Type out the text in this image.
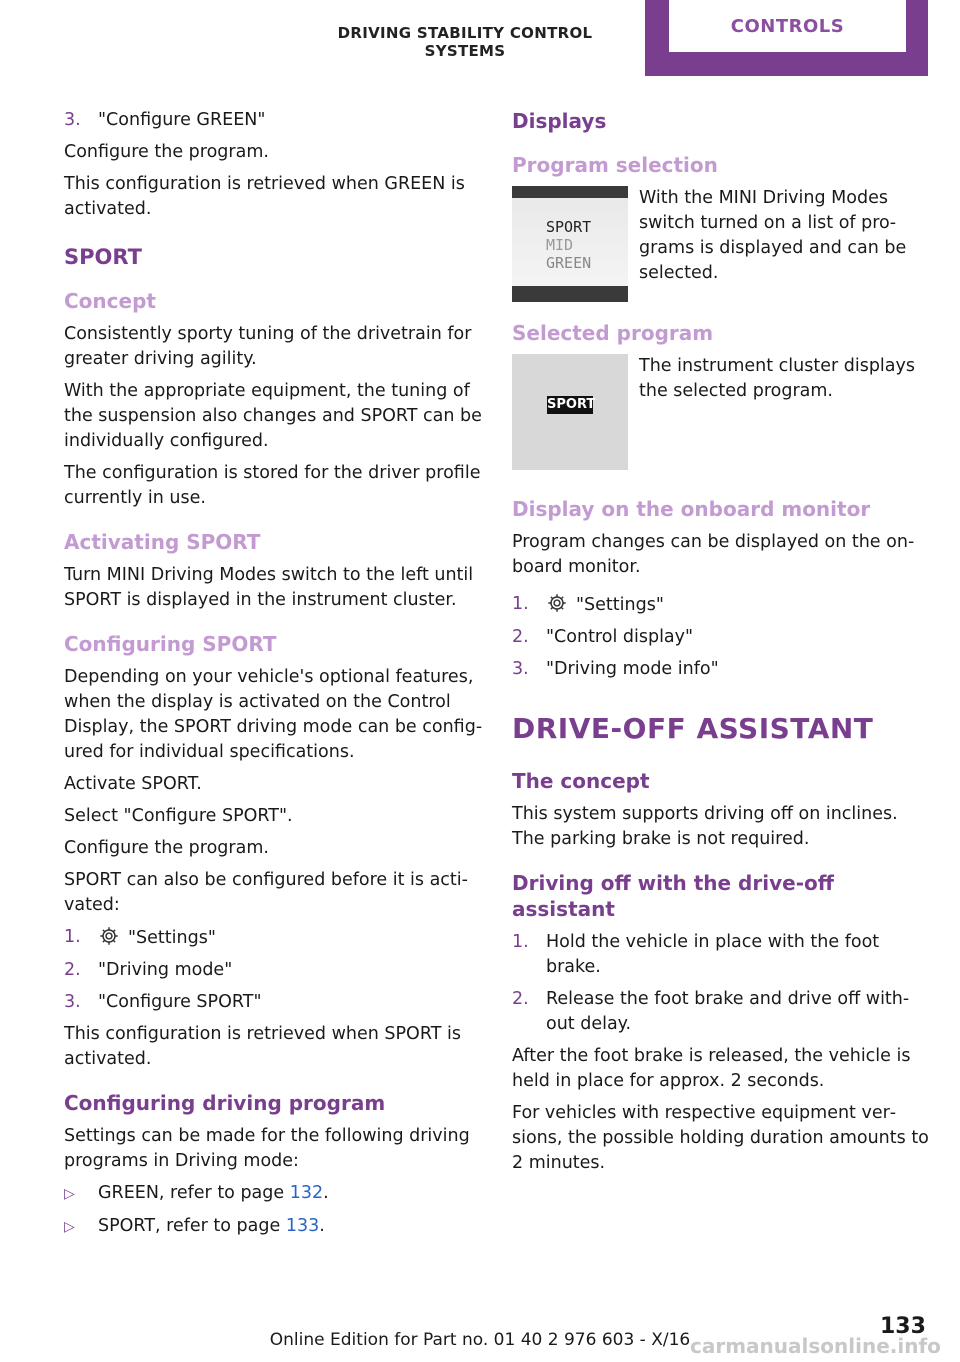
DRIVING STABILITY CONTROL SYSTEMS
CONTROLS
3. "Configure GREEN"

Configure the program.

This configuration is retrieved when GREEN is activated.

SPORT
Concept

Consistently sporty tuning of the drivetrain for greater driving agility.

With the appropriate equipment, the tuning of the suspension also changes and SPORT can be individually configured.

The configuration is stored for the driver profile currently in use.

Activating SPORT

Turn MINI Driving Modes switch to the left until SPORT is displayed in the instrument cluster.

Configuring SPORT

Depending on your vehicle's optional features, when the display is activated on the Control Display, the SPORT driving mode can be config‐ured for individual specifications.

Activate SPORT.

Select "Configure SPORT".

Configure the program.

SPORT can also be configured before it is acti‐vated:

1.	"Settings"
2. "Driving mode"
3. "Configure SPORT"

This configuration is retrieved when SPORT is activated.

Configuring driving program

Settings can be made for the following driving programs in Driving mode:

▷	GREEN, refer to page 132.
▷	SPORT, refer to page 133.
Displays
Program selection
SPORT
MID
GREEN
With the MINI Driving Modes switch turned on a list of pro‐grams is displayed and can be selected.
Selected program
SPORT
The instrument cluster displays the selected program.
Display on the onboard monitor

Program changes can be displayed on the on‐board monitor.

1.	"Settings"
2. "Control display"
3. "Driving mode info"
DRIVE-OFF ASSISTANT
The concept

This system supports driving off on inclines. The parking brake is not required.

Driving off with the drive-off assistant
1. Hold the vehicle in place with the foot brake.
2. Release the foot brake and drive off with‐out delay.

After the foot brake is released, the vehicle is held in place for approx. 2 seconds.

For vehicles with respective equipment ver‐sions, the possible holding duration amounts to 2 minutes.

133
Online Edition for Part no. 01 40 2 976 603 - X/16 carmanualsonline.info
